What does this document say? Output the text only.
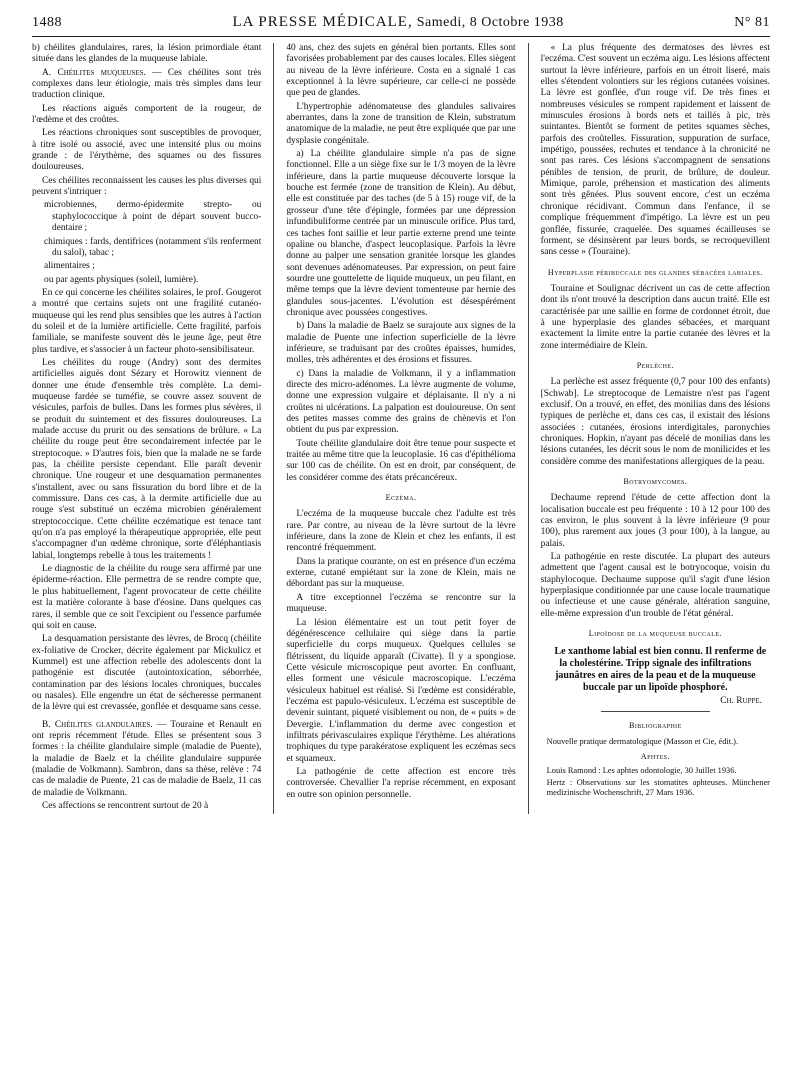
1488	LA PRESSE MÉDICALE, Samedi, 8 Octobre 1938	N° 81

b) chéilites glandulaires, rares, la lésion primordiale étant située dans les glandes de la muqueuse labiale.

A. Chéilites muqueuses. — Ces chéilites sont très complexes dans leur étiologie, mais très simples dans leur traduction clinique.

Les réactions aiguës comportent de la rougeur, de l'œdème et des croûtes.

Les réactions chroniques sont susceptibles de provoquer, à titre isolé ou associé, avec une intensité plus ou moins grande : de l'érythème, des squames ou des fissures douloureuses.

Ces chéilites reconnaissent les causes les plus diverses qui peuvent s'intriquer :

microbiennes, dermo-épidermite strepto- ou staphylococcique à point de départ souvent bucco-dentaire ;

chimiques : fards, dentifrices (notamment s'ils renferment du salol), tabac ;

alimentaires ;

ou par agents physiques (soleil, lumière).

En ce qui concerne les chéilites solaires, le prof. Gougerot a montré que certains sujets ont une fragilité cutanéo-muqueuse qui les rend plus sensibles que les autres à l'action du soleil et de la lumière artificielle. Cette fragilité, parfois familiale, se manifeste souvent dès le jeune âge, peut être plus tardive, et s'associer à un facteur photo-sensibilisateur.

Les chéilites du rouge (Andry) sont des dermites artificielles aiguës dont Sézary et Horowitz viennent de donner une étude d'ensemble très complète. La demi-muqueuse fardée se tuméfie, se couvre assez souvent de vésicules, parfois de bulles. Dans les formes plus sévères, il se produit du suintement et des fissures douloureuses. La malade accuse du prurit ou des sensations de brûlure. « La chéilite du rouge peut être secondairement infectée par le streptocoque. » D'autres fois, bien que la malade ne se farde pas, la chéilite persiste cependant. Elle paraît devenir chronique. Une rougeur et une desquamation permanentes s'installent, avec ou sans fissuration du bord libre et de la commissure. Dans ces cas, à la dermite artificielle due au rouge s'est substitué un eczéma microbien généralement streptococcique. Cette chéilite eczématique est tenace tant qu'on n'a pas employé la thérapeutique appropriée, elle peut s'accompagner d'un œdème chronique, sorte d'éléphantiasis labial, longtemps rebelle à tous les traitements !

Le diagnostic de la chéilite du rouge sera affirmé par une épiderme-réaction. Elle permettra de se rendre compte que, le plus habituellement, l'agent provocateur de cette chéilite est la matière colorante à base d'éosine. Dans quelques cas rares, il semble que ce soit l'excipient ou l'essence parfumée qui soit en cause.

La desquamation persistante des lèvres, de Brocq (chéilite ex-foliative de Crocker, décrite également par Mickulicz et Kummel) est une affection rebelle des adolescents dont la pathogénie est discutée (autointoxication, séborrhée, contamination par des lésions locales chroniques, buccales ou nasales). Elle engendre un état de sécheresse permanent de la lèvre qui est crevassée, gonflée et desquame sans cesse.

B. Chéilites glandulaires. — Touraine et Renault en ont repris récemment l'étude. Elles se présentent sous 3 formes : la chéilite glandulaire simple (maladie de Puente), la maladie de Baelz et la chéilite glandulaire suppurée (maladie de Volkmann). Sambron, dans sa thèse, relève : 74 cas de maladie de Puente, 21 cas de maladie de Baelz, 11 cas de maladie de Volkmann.

Ces affections se rencontrent surtout de 20 à

40 ans, chez des sujets en général bien portants. Elles sont favorisées probablement par des causes locales. Elles siègent au niveau de la lèvre inférieure. Costa en a signalé 1 cas exceptionnel à la lèvre supérieure, car celle-ci ne possède que peu de glandes.

L'hypertrophie adénomateuse des glandules salivaires aberrantes, dans la zone de transition de Klein, substratum anatomique de la maladie, ne peut être expliquée que par une dysplasie congénitale.

a) La chéilite glandulaire simple n'a pas de signe fonctionnel. Elle a un siège fixe sur le 1/3 moyen de la lèvre inférieure, dans la partie muqueuse découverte lorsque la bouche est fermée (zone de transition de Klein). Au début, elle est constituée par des taches (de 5 à 15) rouge vif, de la grosseur d'une tête d'épingle, formées par une dépression infundibuliforme centrée par un minuscule orifice. Plus tard, ces taches font saillie et leur partie externe prend une teinte opaline ou blanche, d'aspect leucoplasique. Parfois la lèvre donne au palper une sensation granitée lorsque les glandes sont devenues adénomateuses. Par expression, on peut faire sourdre une gouttelette de liquide muqueux, un peu filant, en même temps que la lèvre devient tomenteuse par hernie des glandules sous-jacentes. L'évolution est désespérément chronique avec poussées congestives.

b) Dans la maladie de Baelz se surajoute aux signes de la maladie de Puente une infection superficielle de la lèvre inférieure, se traduisant par des croûtes épaisses, humides, molles, très adhérentes et des érosions et fissures.

c) Dans la maladie de Volkmann, il y a inflammation directe des micro-adénomes. La lèvre augmente de volume, donne une expression vulgaire et déplaisante. Il n'y a ni croûtes ni ulcérations. La palpation est douloureuse. On sent des petites masses comme des grains de chènevis et l'on obtient du pus par expression.

Toute chéilite glandulaire doit être tenue pour suspecte et traitée au même titre que la leucoplasie. 16 cas d'épithélioma sur 100 cas de chéilite. On est en droit, par conséquent, de les considérer comme des états précancéreux.

Eczéma.

L'eczéma de la muqueuse buccale chez l'adulte est très rare. Par contre, au niveau de la lèvre surtout de la lèvre inférieure, dans la zone de Klein et chez les enfants, il est rencontré fréquemment.

Dans la pratique courante, on est en présence d'un eczéma externe, cutané empiétant sur la zone de Klein, mais ne débordant pas sur la muqueuse.

A titre exceptionnel l'eczéma se rencontre sur la muqueuse.

La lésion élémentaire est un tout petit foyer de dégénérescence cellulaire qui siège dans la partie superficielle du corps muqueux. Quelques cellules se flétrissent, du liquide apparaît (Civatte). Il y a spongiose. Cette vésicule microscopique peut avorter. En confluant, elles forment une vésicule macroscopique. L'eczéma vésiculeux habituel est réalisé. Si l'œdème est considérable, l'eczéma est papulo-vésiculeux. L'eczéma est susceptible de devenir suintant, piqueté visiblement ou non, de « puits » de Devergie. L'inflammation du derme avec congestion et infiltrats périvasculaires explique l'érythème. Les altérations trophiques du type parakératose expliquent les eczémas secs et squameux.

La pathogénie de cette affection est encore très controversée. Chevallier l'a reprise récemment, en exposant en outre son opinion personnelle.

« La plus fréquente des dermatoses des lèvres est l'eczéma. C'est souvent un eczéma aigu. Les lésions affectent surtout la lèvre inférieure, parfois en un étroit liseré, mais elles s'étendent volontiers sur les régions cutanées voisines. La lèvre est gonflée, d'un rouge vif. De très fines et nombreuses vésicules se rompent rapidement et laissent de minuscules érosions à bords nets et taillés à pic, très suintantes. Bientôt se forment de petites squames sèches, parfois des croûtelles. Fissuration, suppuration de surface, impétigo, poussées, rechutes et tendance à la chronicité ne sont pas rares. Ces lésions s'accompagnent de sensations pénibles de tension, de prurit, de brûlure, de douleur. Mimique, parole, préhension et mastication des aliments sont très gênées. Plus souvent encore, c'est un eczéma chronique récidivant. Commun dans l'enfance, il se complique fréquemment d'impétigo. La lèvre est un peu gonflée, fissurée, craquelée. Des squames écailleuses se forment, se désinsèrent par leurs bords, se recroquevillent sans cesse » (Touraine).

Hyperplasie péribuccale des glandes sébacées labiales.

Touraine et Soulignac décrivent un cas de cette affection dont ils n'ont trouvé la description dans aucun traité. Elle est caractérisée par une saillie en forme de cordonnet étroit, due à une hyperplasie des glandes sébacées, et marquant exactement la limite entre la partie cutanée des lèvres et la zone intermédiaire de Klein.

Perlèche.

La perlèche est assez fréquente (0,7 pour 100 des enfants) [Schwab]. Le streptocoque de Lemaistre n'est pas l'agent exclusif. On a trouvé, en effet, des monilias dans des lésions typiques de perlèche et, dans ces cas, il existait des lésions associées : cutanées, érosions interdigitales, paronychies chroniques. Hopkin, n'ayant pas décelé de monilias dans les lésions cutanées, les décrit sous le nom de monilicides et les considère comme des manifestations allergiques de la peau.

Botryomycomes.

Dechaume reprend l'étude de cette affection dont la localisation buccale est peu fréquente : 10 à 12 pour 100 des cas environ, le plus souvent à la lèvre inférieure (9 pour 100), plus rarement aux joues (3 pour 100), à la langue, au palais.

La pathogénie en reste discutée. La plupart des auteurs admettent que l'agent causal est le botryocoque, voisin du staphylocoque. Dechaume suppose qu'il s'agit d'une lésion hyperplasique conditionnée par une cause locale traumatique ou infectieuse et une cause générale, altération sanguine, elle-même expression d'un trouble de l'état général.

Lipoïdose de la muqueuse buccale.

Le xanthome labial est bien connu. Il renferme de la cholestérine. Tripp signale des infiltrations jaunâtres en aires de la peau et de la muqueuse buccale par un lipoïde phosphoré.

Ch. Ruppe.

Bibliographie

Nouvelle pratique dermatologique (Masson et Cie, édit.).

Aphtes.

Louis Ramond : Les aphtes odontologie, 30 Juillet 1936.

Hertz : Observations sur les stomatites aphteuses. Münchener medizinische Wochenschrift, 27 Mars 1936.
